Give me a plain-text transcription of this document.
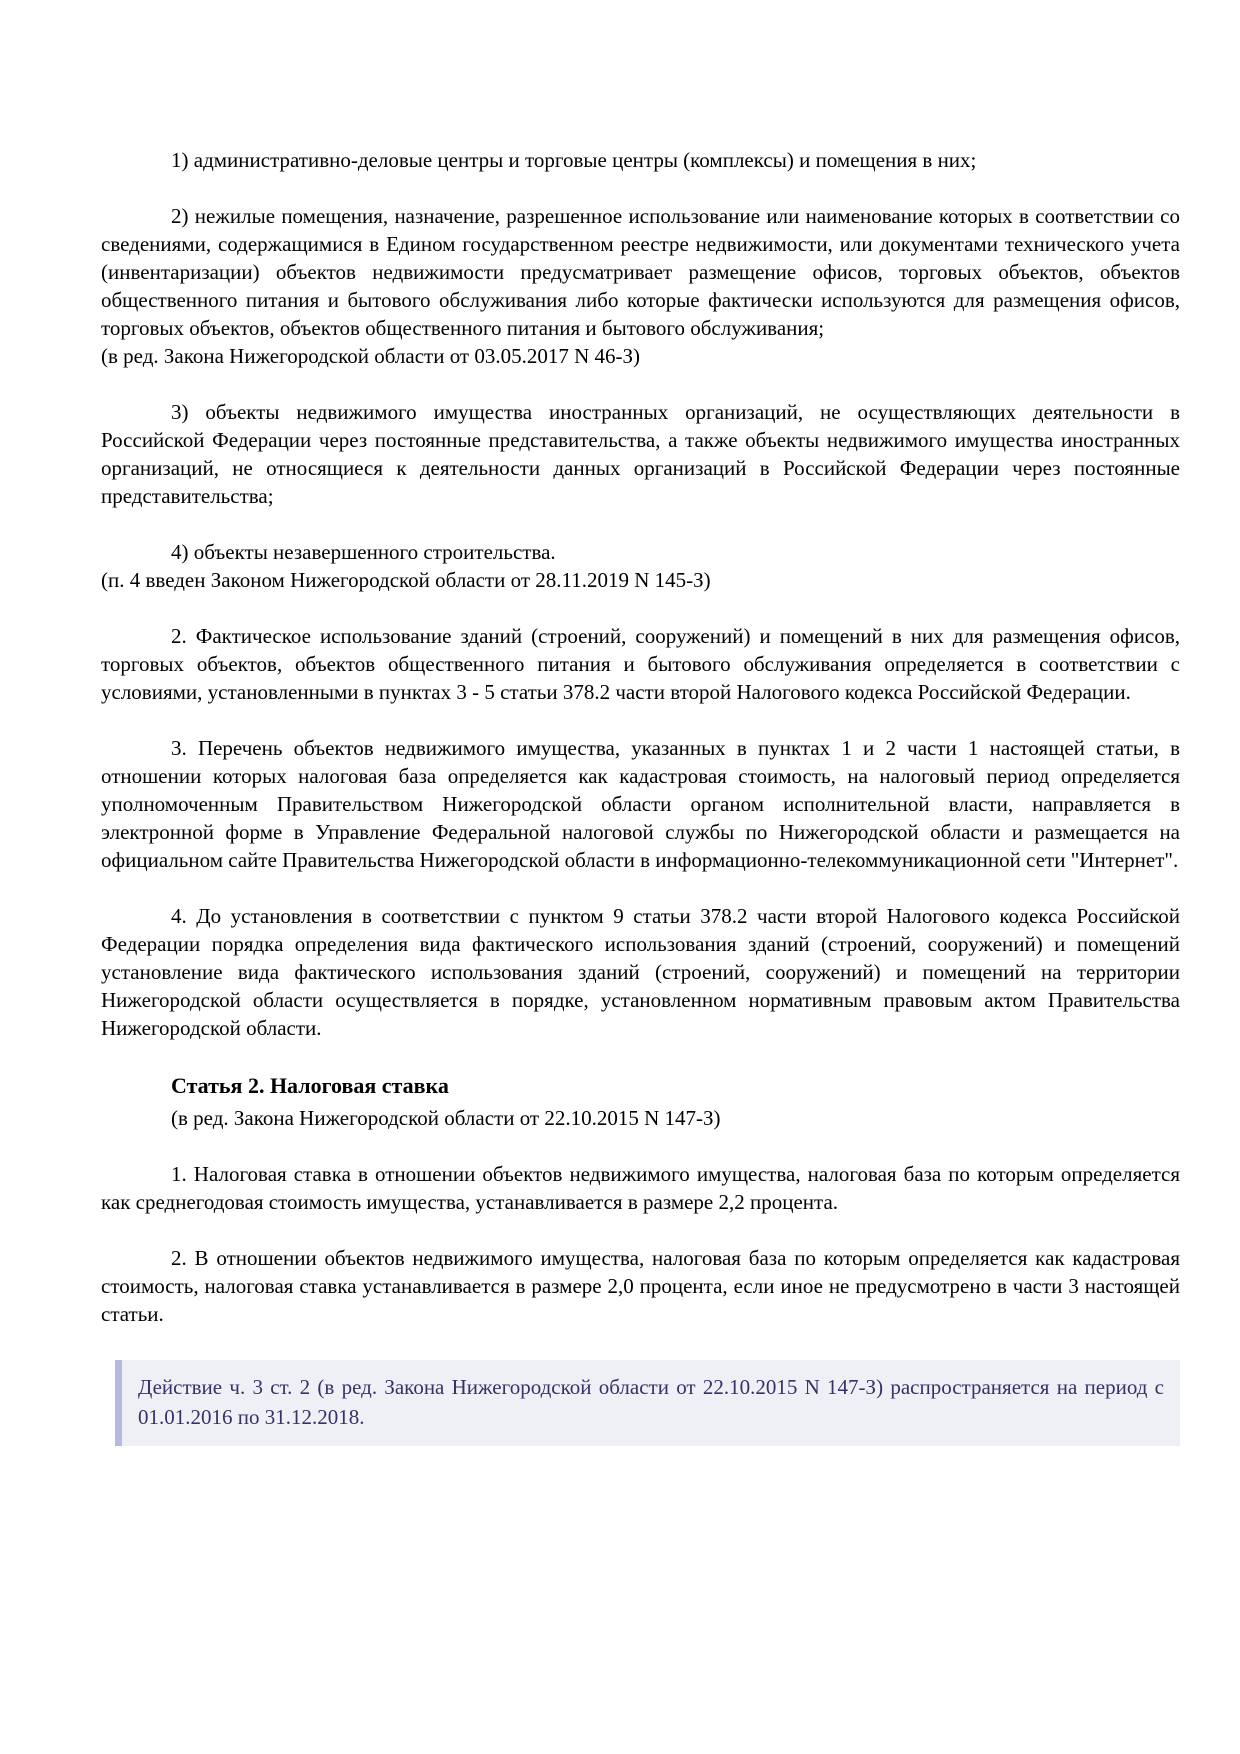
1) административно-деловые центры и торговые центры (комплексы) и помещения в них;

2) нежилые помещения, назначение, разрешенное использование или наименование которых в соответствии со сведениями, содержащимися в Едином государственном реестре недвижимости, или документами технического учета (инвентаризации) объектов недвижимости предусматривает размещение офисов, торговых объектов, объектов общественного питания и бытового обслуживания либо которые фактически используются для размещения офисов, торговых объектов, объектов общественного питания и бытового обслуживания;

(в ред. Закона Нижегородской области от 03.05.2017 N 46-З)

3) объекты недвижимого имущества иностранных организаций, не осуществляющих деятельности в Российской Федерации через постоянные представительства, а также объекты недвижимого имущества иностранных организаций, не относящиеся к деятельности данных организаций в Российской Федерации через постоянные представительства;

4) объекты незавершенного строительства.

(п. 4 введен Законом Нижегородской области от 28.11.2019 N 145-З)

2. Фактическое использование зданий (строений, сооружений) и помещений в них для размещения офисов, торговых объектов, объектов общественного питания и бытового обслуживания определяется в соответствии с условиями, установленными в пунктах 3 - 5 статьи 378.2 части второй Налогового кодекса Российской Федерации.

3. Перечень объектов недвижимого имущества, указанных в пунктах 1 и 2 части 1 настоящей статьи, в отношении которых налоговая база определяется как кадастровая стоимость, на налоговый период определяется уполномоченным Правительством Нижегородской области органом исполнительной власти, направляется в электронной форме в Управление Федеральной налоговой службы по Нижегородской области и размещается на официальном сайте Правительства Нижегородской области в информационно-телекоммуникационной сети "Интернет".

4. До установления в соответствии с пунктом 9 статьи 378.2 части второй Налогового кодекса Российской Федерации порядка определения вида фактического использования зданий (строений, сооружений) и помещений установление вида фактического использования зданий (строений, сооружений) и помещений на территории Нижегородской области осуществляется в порядке, установленном нормативным правовым актом Правительства Нижегородской области.

Статья 2. Налоговая ставка

(в ред. Закона Нижегородской области от 22.10.2015 N 147-З)

1. Налоговая ставка в отношении объектов недвижимого имущества, налоговая база по которым определяется как среднегодовая стоимость имущества, устанавливается в размере 2,2 процента.

2. В отношении объектов недвижимого имущества, налоговая база по которым определяется как кадастровая стоимость, налоговая ставка устанавливается в размере 2,0 процента, если иное не предусмотрено в части 3 настоящей статьи.

Действие ч. 3 ст. 2 (в ред. Закона Нижегородской области от 22.10.2015 N 147-З) распространяется на период с 01.01.2016 по 31.12.2018.
